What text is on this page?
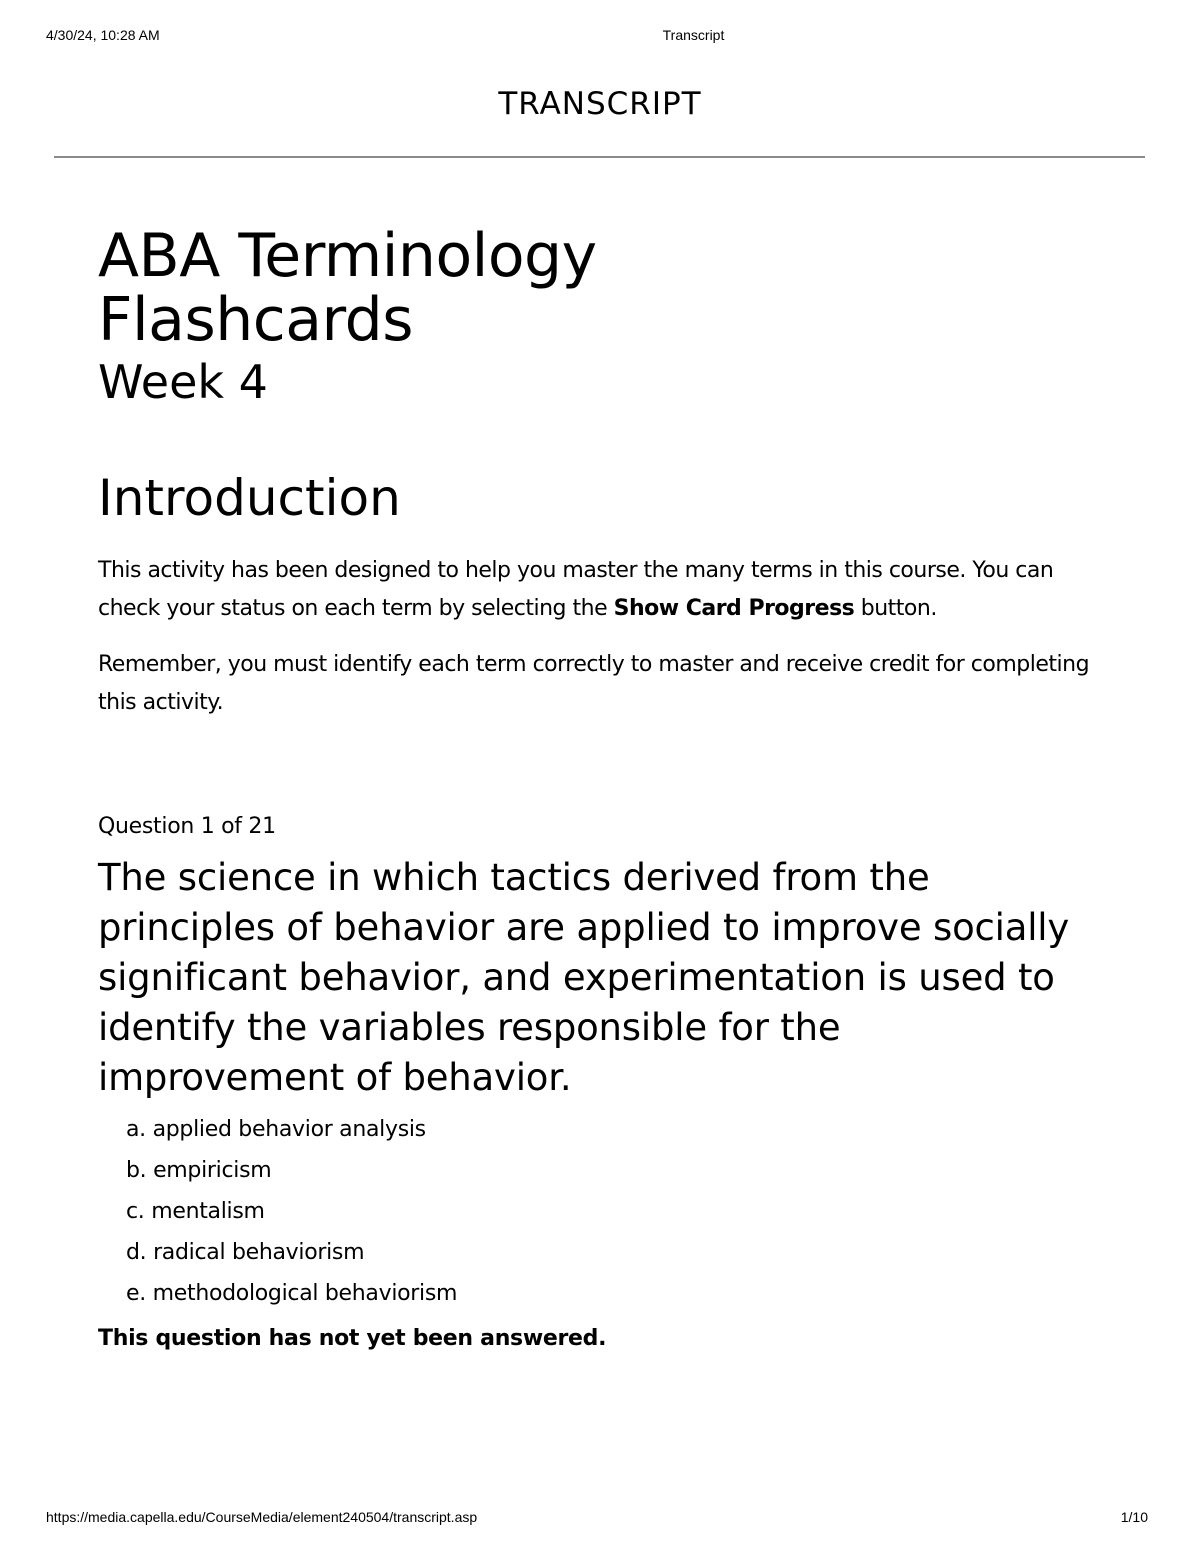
4/30/24, 10:28 AM	Transcript
TRANSCRIPT
ABA Terminology
Flashcards
Week 4
Introduction

This activity has been designed to help you master the many terms in this course. You can check your status on each term by selecting the Show Card Progress button.

Remember, you must identify each term correctly to master and receive credit for completing this activity.

Question 1 of 21
The science in which tactics derived from the principles of behavior are applied to improve socially significant behavior, and experimentation is used to identify the variables responsible for the improvement of behavior.
a. applied behavior analysis
b. empiricism
c. mentalism
d. radical behaviorism
e. methodological behaviorism
This question has not yet been answered.
https://media.capella.edu/CourseMedia/element240504/transcript.asp	1/10
